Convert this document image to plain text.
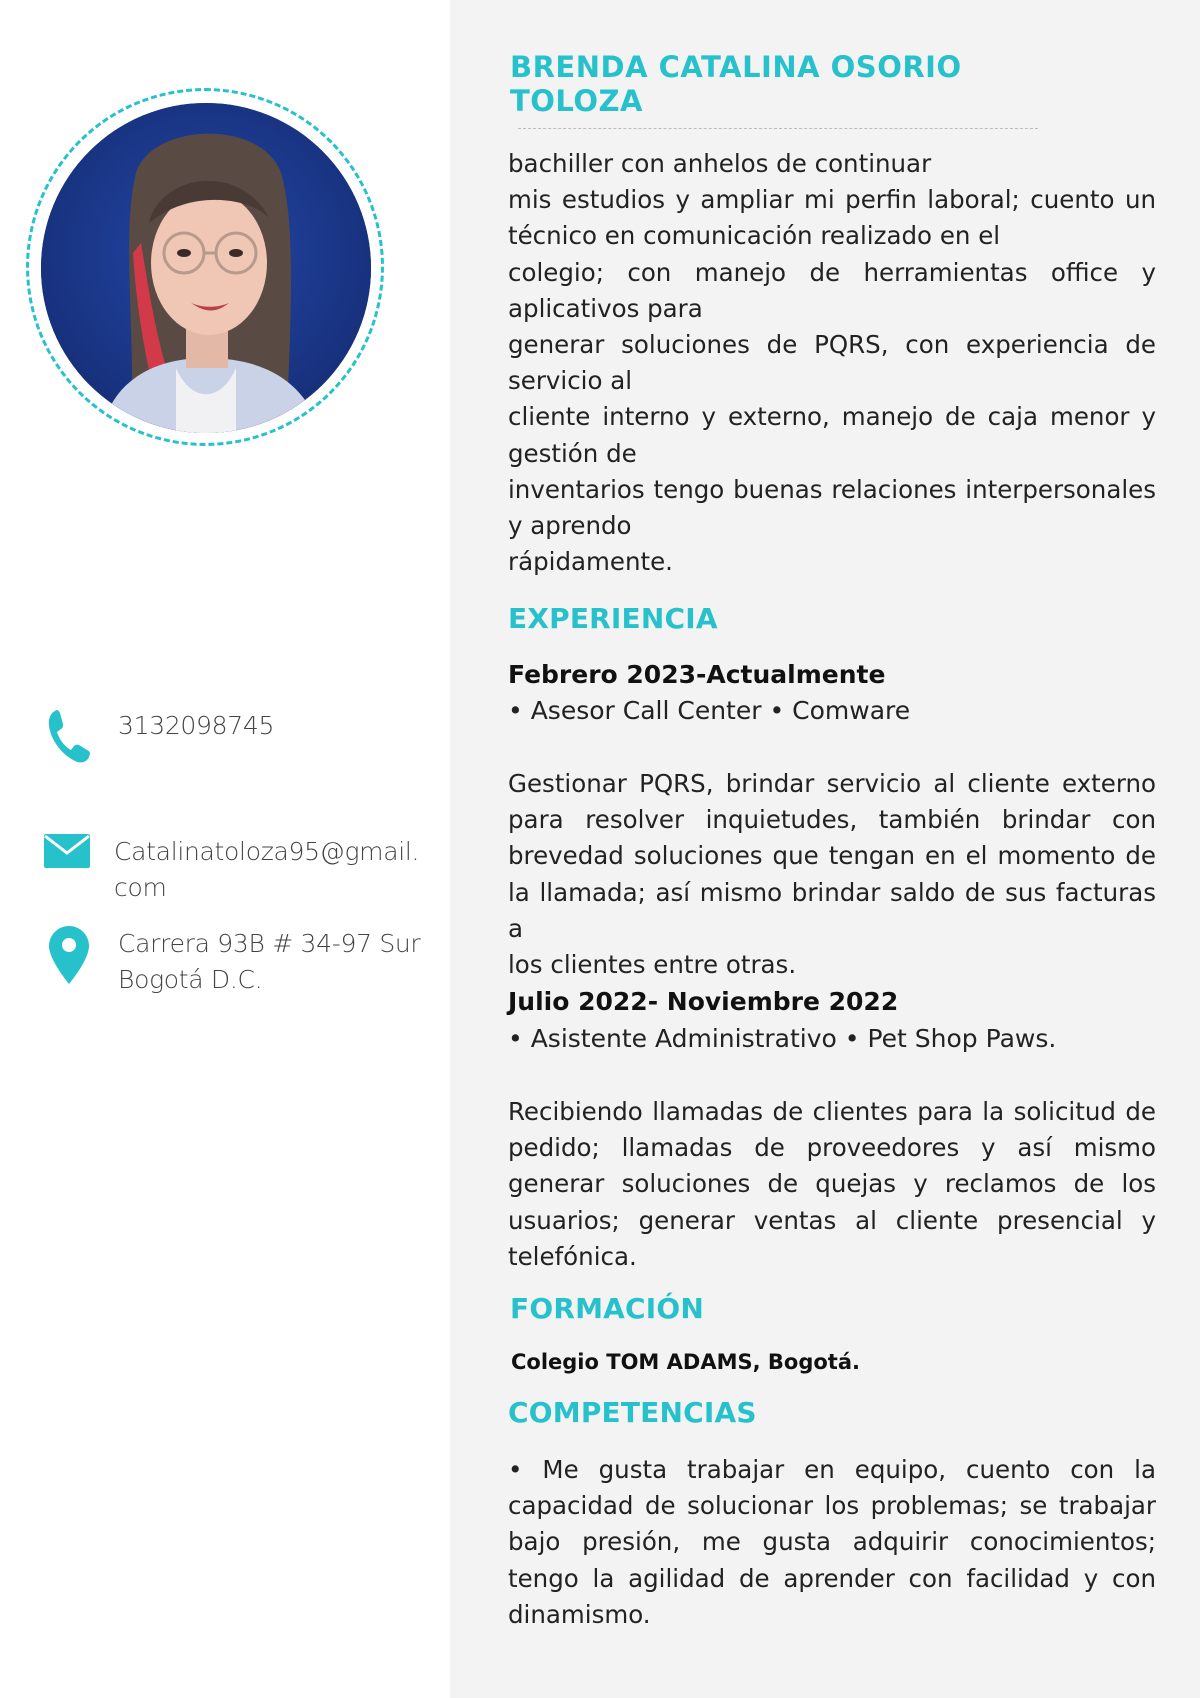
3132098745
Catalinatoloza95@gmail. com
Carrera 93B # 34-97 Sur
Bogotá D.C.
BRENDA CATALINA OSORIO
TOLOZA
bachiller con anhelos de continuar
mis estudios y ampliar mi perfin laboral; cuento un
técnico en comunicación realizado en el
colegio; con manejo de herramientas office y
aplicativos para
generar soluciones de PQRS, con experiencia de
servicio al
cliente interno y externo, manejo de caja menor y
gestión de
inventarios tengo buenas relaciones interpersonales
y aprendo
rápidamente.
EXPERIENCIA
Febrero 2023-Actualmente
• Asesor Call Center • Comware
Gestionar PQRS, brindar servicio al cliente externo
para resolver inquietudes, también brindar con
brevedad soluciones que tengan en el momento de
la llamada; así mismo brindar saldo de sus facturas a
los clientes entre otras.
Julio 2022- Noviembre 2022
• Asistente Administrativo • Pet Shop Paws.
Recibiendo llamadas de clientes para la solicitud de
pedido; llamadas de proveedores y así mismo
generar soluciones de quejas y reclamos de los
usuarios; generar ventas al cliente presencial y
telefónica.
FORMACIÓN
Colegio TOM ADAMS, Bogotá.
COMPETENCIAS
• Me gusta trabajar en equipo, cuento con la
capacidad de solucionar los problemas; se trabajar
bajo presión, me gusta adquirir conocimientos;
tengo la agilidad de aprender con facilidad y con
dinamismo.
